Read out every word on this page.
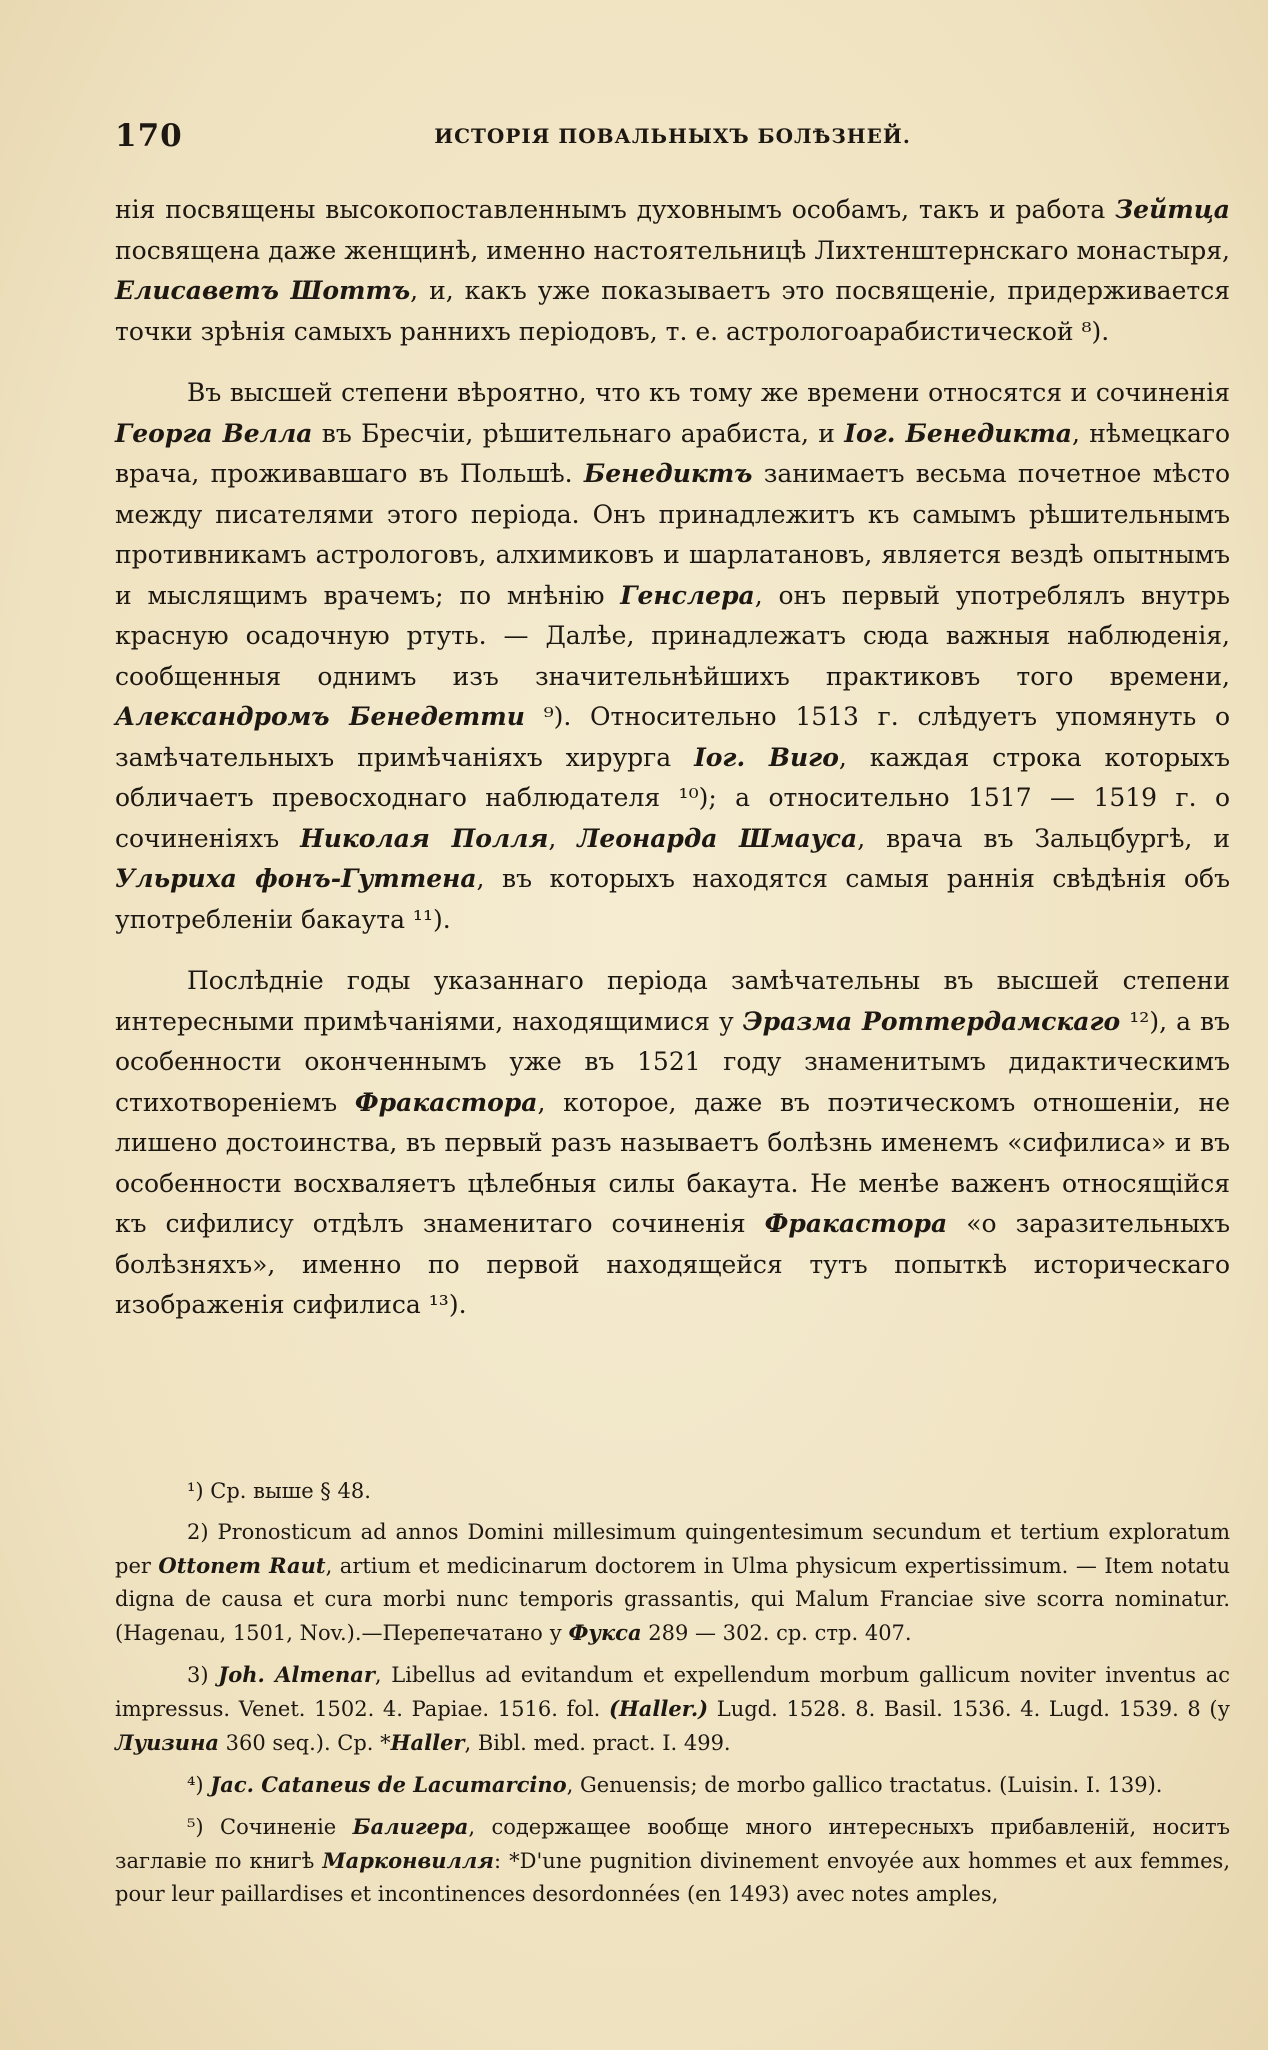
170	ИСТОРІЯ ПОВАЛЬНЫХЪ БОЛѢЗНЕЙ.

нія посвящены высокопоставленнымъ духовнымъ особамъ, такъ и работа Зейтца посвящена даже женщинѣ, именно настоятельницѣ Лихтенштернскаго монастыря, Елисаветъ Шоттъ, и, какъ уже показываетъ это посвященіе, придерживается точки зрѣнія самыхъ раннихъ періодовъ, т. е. астрологоарабистической ⁸).

Въ высшей степени вѣроятно, что къ тому же времени относятся и сочиненія Георга Велла въ Бресчіи, рѣшительнаго арабиста, и Іог. Бенедикта, нѣмецкаго врача, проживавшаго въ Польшѣ. Бенедиктъ занимаетъ весьма почетное мѣсто между писателями этого періода. Онъ принадлежитъ къ самымъ рѣшительнымъ противникамъ астрологовъ, алхимиковъ и шарлатановъ, является вездѣ опытнымъ и мыслящимъ врачемъ; по мнѣнію Генслера, онъ первый употреблялъ внутрь красную осадочную ртуть. — Далѣе, принадлежатъ сюда важныя наблюденія, сообщенныя однимъ изъ значительнѣйшихъ практиковъ того времени, Александромъ Бенедетти ⁹). Относительно 1513 г. слѣдуетъ упомянуть о замѣчательныхъ примѣчаніяхъ хирурга Іог. Виго, каждая строка которыхъ обличаетъ превосходнаго наблюдателя ¹⁰); а относительно 1517 — 1519 г. о сочиненіяхъ Николая Полля, Леонарда Шмауса, врача въ Зальцбургѣ, и Ульриха фонъ-Гуттена, въ которыхъ находятся самыя раннія свѣдѣнія объ употребленіи бакаута ¹¹).

Послѣдніе годы указаннаго періода замѣчательны въ высшей степени интересными примѣчаніями, находящимися у Эразма Роттердамскаго ¹²), а въ особенности оконченнымъ уже въ 1521 году знаменитымъ дидактическимъ стихотвореніемъ Фракастора, которое, даже въ поэтическомъ отношеніи, не лишено достоинства, въ первый разъ называетъ болѣзнь именемъ «сифилиса» и въ особенности восхваляетъ цѣлебныя силы бакаута. Не менѣе важенъ относящійся къ сифилису отдѣлъ знаменитаго сочиненія Фракастора «о заразительныхъ болѣзняхъ», именно по первой находящейся тутъ попыткѣ историческаго изображенія сифилиса ¹³).

¹) Ср. выше § 48.

2) Pronosticum ad annos Domini millesimum quingentesimum secundum et tertium exploratum per Ottonem Raut, artium et medicinarum doctorem in Ulma physicum expertissimum. — Item notatu digna de causa et cura morbi nunc temporis grassantis, qui Malum Franciae sive scorra nominatur. (Hagenau, 1501, Nov.).—Перепечатано у Фукса 289 — 302. ср. стр. 407.

3) Joh. Almenar, Libellus ad evitandum et expellendum morbum gallicum noviter inventus ac impressus. Venet. 1502. 4. Papiae. 1516. fol. (Haller.) Lugd. 1528. 8. Basil. 1536. 4. Lugd. 1539. 8 (у Луизина 360 seq.). Ср. *Haller, Bibl. med. pract. I. 499.

⁴) Jac. Cataneus de Lacumarcino, Genuensis; de morbo gallico tractatus. (Luisin. I. 139).

⁵) Сочиненіе Балигера, содержащее вообще много интересныхъ прибавленій, носитъ заглавіе по книгѣ Марконвилля: *D'une pugnition divinement envoyée aux hommes et aux femmes, pour leur paillardises et incontinences desordonnées (en 1493) avec notes amples,
